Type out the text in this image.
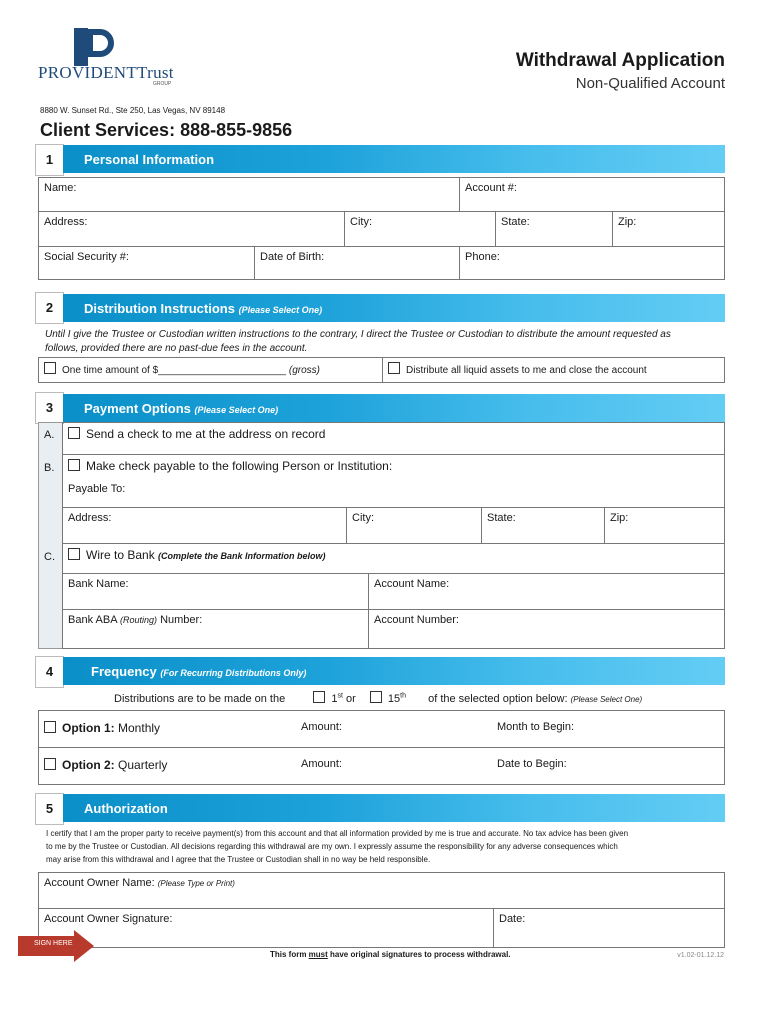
PROVIDENTTrust
GROUP
Withdrawal Application
Non-Qualified Account
8880 W. Sunset Rd., Ste 250, Las Vegas, NV 89148
Client Services: 888-855-9856
1	Personal Information
Name:	Account #:
Address:	City:	State:	Zip:
Social Security #:	Date of Birth:	Phone:
2	Distribution Instructions (Please Select One)
Until I give the Trustee or Custodian written instructions to the contrary, I direct the Trustee or Custodian to distribute the amount requested as
follows, provided there are no past-due fees in the account.
One time amount of $_______________________ (gross)	Distribute all liquid assets to me and close the account
3	Payment Options (Please Select One)
A.	Send a check to me at the address on record
B.	Make check payable to the following Person or Institution:
Payable To:
Address:	City:	State:	Zip:
C.	Wire to Bank (Complete the Bank Information below)
Bank Name:	Account Name:
Bank ABA (Routing) Number:	Account Number:
4	Frequency (For Recurring Distributions Only)
Distributions are to be made on the	1st or	15th of the selected option below: (Please Select One)
Option 1: Monthly	Amount:	Month to Begin:
Option 2: Quarterly	Amount:	Date to Begin:
5	Authorization
I certify that I am the proper party to receive payment(s) from this account and that all information provided by me is true and accurate. No tax advice has been given
to me by the Trustee or Custodian. All decisions regarding this withdrawal are my own. I expressly assume the responsibility for any adverse consequences which
may arise from this withdrawal and I agree that the Trustee or Custodian shall in no way be held responsible.
Account Owner Name: (Please Type or Print)
Account Owner Signature:	Date:
SIGN HERE
This form must have original signatures to process withdrawal.	v1.02-01.12.12
